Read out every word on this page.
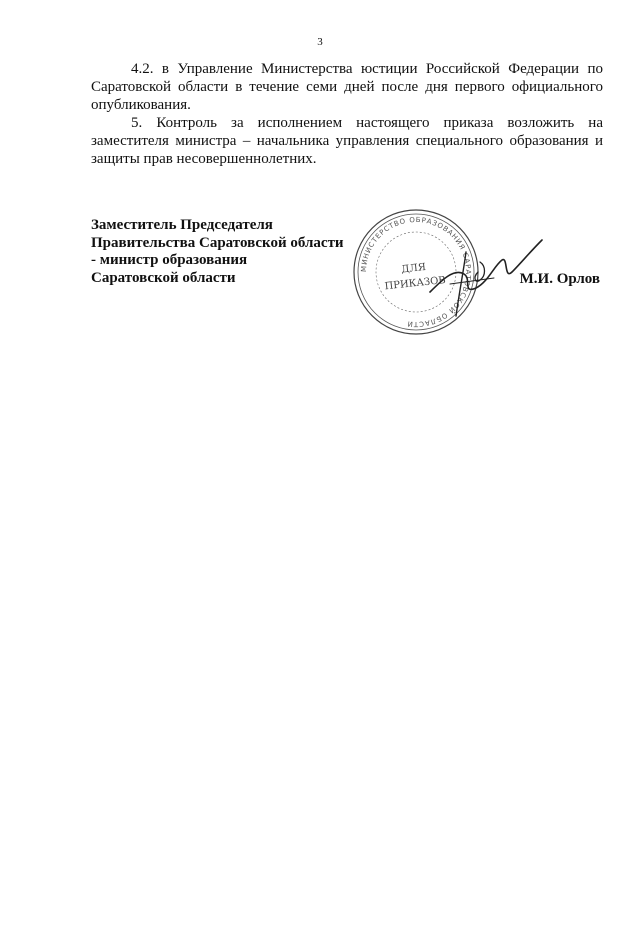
3

4.2. в Управление Министерства юстиции Российской Федерации по Саратовской области в течение семи дней после дня первого официального опубликования.

5. Контроль за исполнением настоящего приказа возложить на заместителя министра – начальника управления специального образования и защиты прав несовершеннолетних.

Заместитель Председателя
Правительства Саратовской области
- министр образования
Саратовской области
МИНИСТЕРСТВО ОБРАЗОВАНИЯ САРАТОВСКОЙ ОБЛАСТИ
ДЛЯ
ПРИКАЗОВ	М.И. Орлов
